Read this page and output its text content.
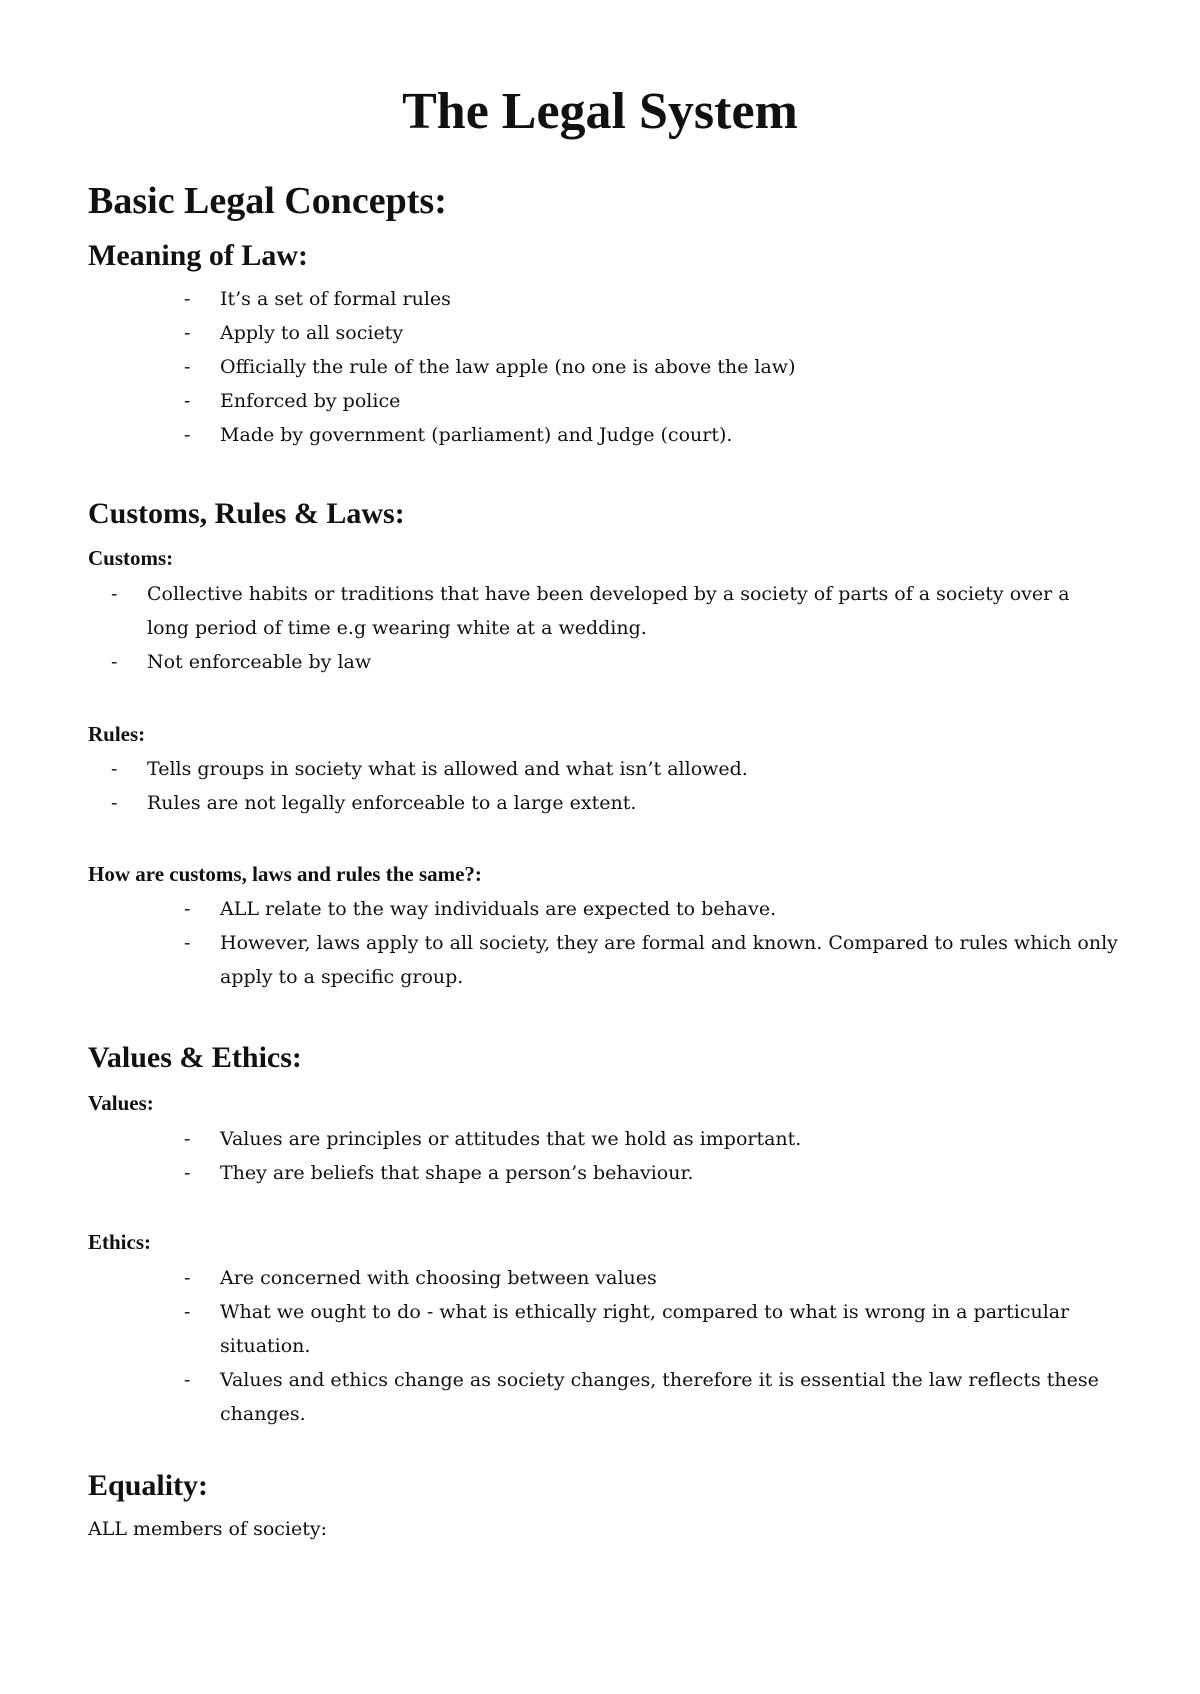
The Legal System
Basic Legal Concepts:
Meaning of Law:
- It’s a set of formal rules
- Apply to all society
- Officially the rule of the law apple (no one is above the law)
- Enforced by police
- Made by government (parliament) and Judge (court).
Customs, Rules & Laws:
Customs:
- Collective habits or traditions that have been developed by a society of parts of a society over a long period of time e.g wearing white at a wedding.
- Not enforceable by law
Rules:
- Tells groups in society what is allowed and what isn’t allowed.
- Rules are not legally enforceable to a large extent.
How are customs, laws and rules the same?:
- ALL relate to the way individuals are expected to behave.
- However, laws apply to all society, they are formal and known. Compared to rules which only apply to a specific group.
Values & Ethics:
Values:
- Values are principles or attitudes that we hold as important.
- They are beliefs that shape a person’s behaviour.
Ethics:
- Are concerned with choosing between values
- What we ought to do - what is ethically right, compared to what is wrong in a particular situation.
- Values and ethics change as society changes, therefore it is essential the law reflects these changes.
Equality:

ALL members of society:
